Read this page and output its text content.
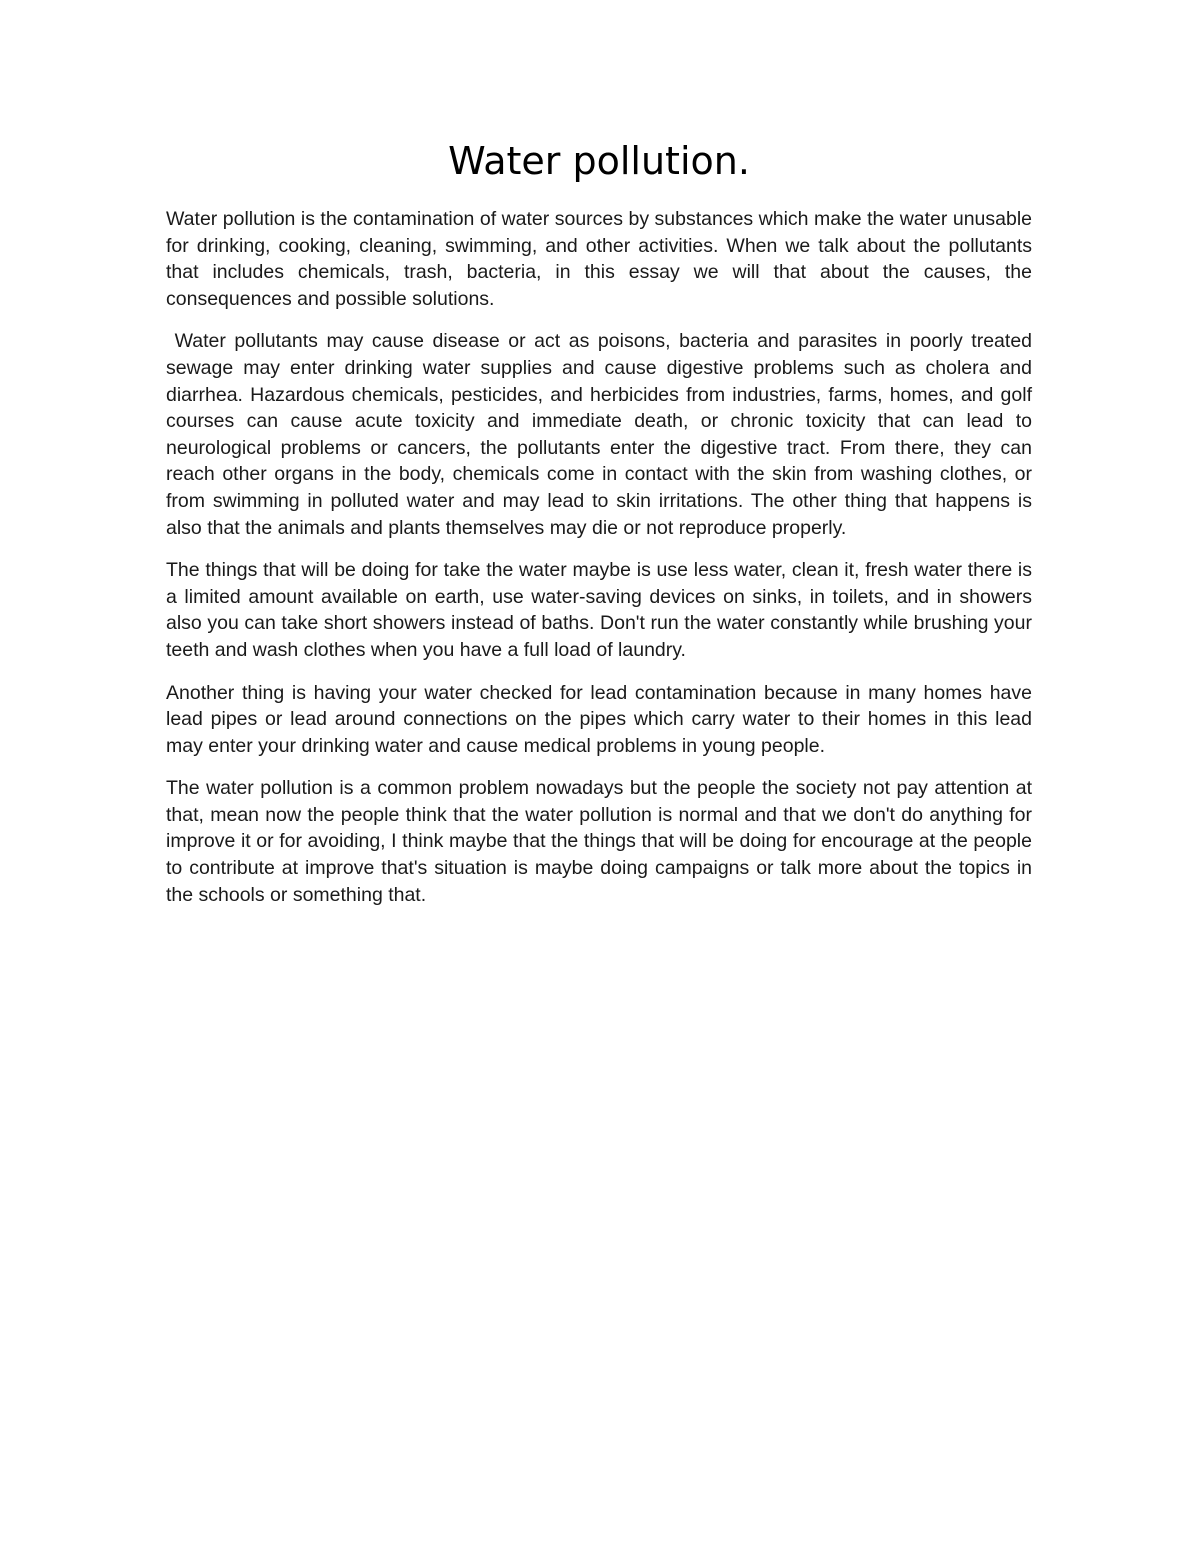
Water pollution.

Water pollution is the contamination of water sources by substances which make the water unusable for drinking, cooking, cleaning, swimming, and other activities. When we talk about the pollutants that includes chemicals, trash, bacteria, in this essay we will that about the causes, the consequences and possible solutions.

Water pollutants may cause disease or act as poisons, bacteria and parasites in poorly treated sewage may enter drinking water supplies and cause digestive problems such as cholera and diarrhea. Hazardous chemicals, pesticides, and herbicides from industries, farms, homes, and golf courses can cause acute toxicity and immediate death, or chronic toxicity that can lead to neurological problems or cancers, the pollutants enter the digestive tract. From there, they can reach other organs in the body, chemicals come in contact with the skin from washing clothes, or from swimming in polluted water and may lead to skin irritations. The other thing that happens is also that the animals and plants themselves may die or not reproduce properly.

The things that will be doing for take the water maybe is use less water, clean it, fresh water there is a limited amount available on earth, use water-saving devices on sinks, in toilets, and in showers also you can take short showers instead of baths. Don't run the water constantly while brushing your teeth and wash clothes when you have a full load of laundry.

Another thing is having your water checked for lead contamination because in many homes have lead pipes or lead around connections on the pipes which carry water to their homes in this lead may enter your drinking water and cause medical problems in young people.

The water pollution is a common problem nowadays but the people the society not pay attention at that, mean now the people think that the water pollution is normal and that we don't do anything for improve it or for avoiding, I think maybe that the things that will be doing for encourage at the people to contribute at improve that's situation is maybe doing campaigns or talk more about the topics in the schools or something that.
